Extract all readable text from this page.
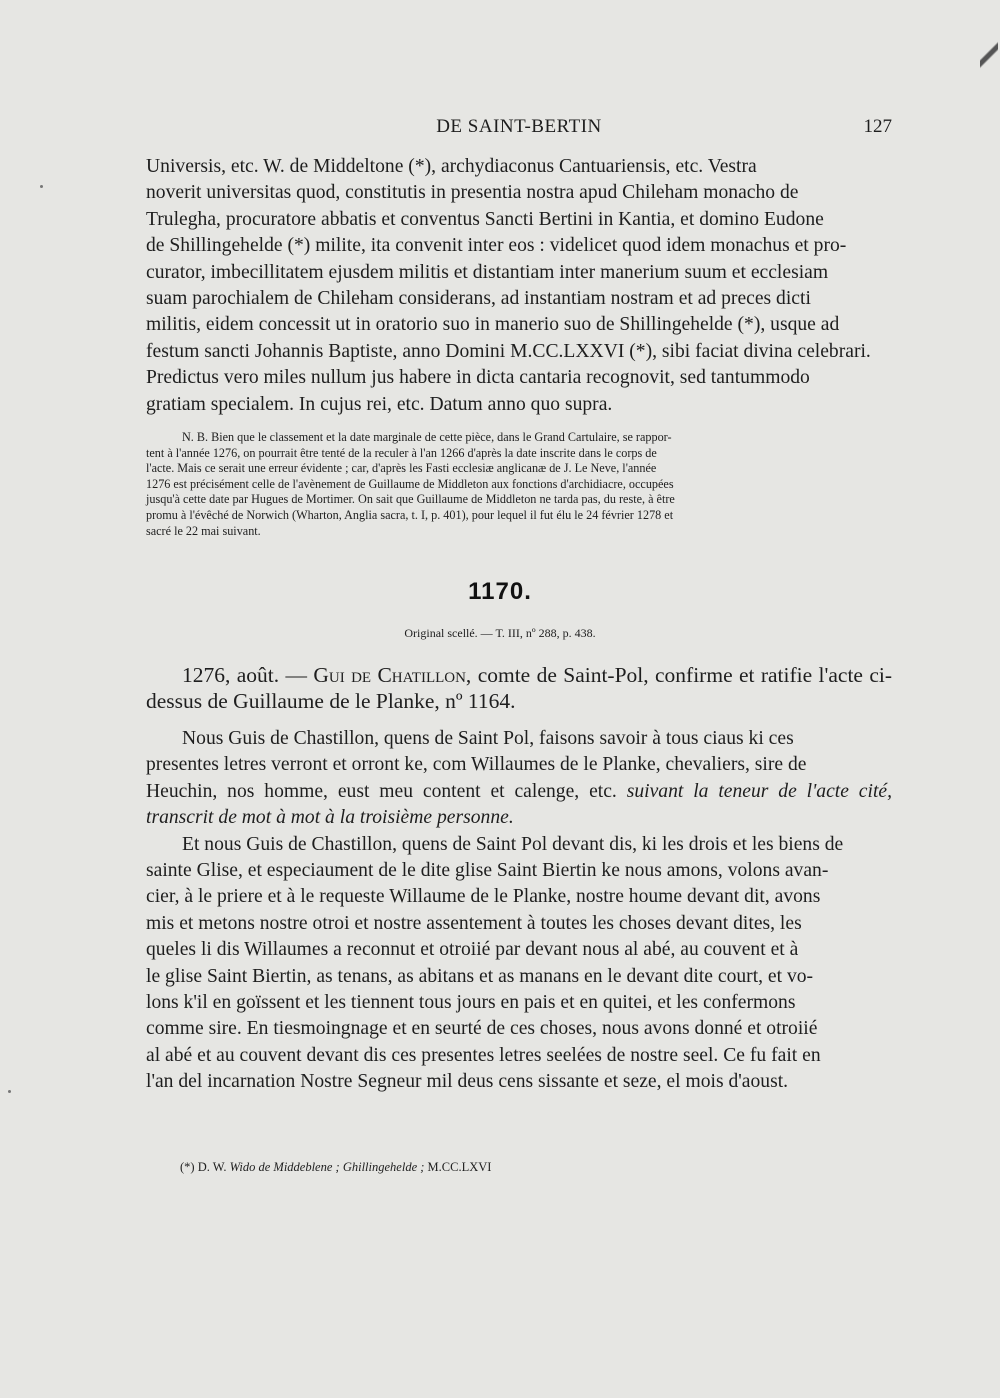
DE SAINT-BERTIN	127

Universis, etc. W. de Middeltone (*), archydiaconus Cantuariensis, etc. Vestra

noverit universitas quod, constitutis in presentia nostra apud Chileham monacho de

Trulegha, procuratore abbatis et conventus Sancti Bertini in Kantia, et domino Eudone

de Shillingehelde (*) milite, ita convenit inter eos : videlicet quod idem monachus et pro-

curator, imbecillitatem ejusdem militis et distantiam inter manerium suum et ecclesiam

suam parochialem de Chileham considerans, ad instantiam nostram et ad preces dicti

militis, eidem concessit ut in oratorio suo in manerio suo de Shillingehelde (*), usque ad

festum sancti Johannis Baptiste, anno Domini M.CC.LXXVI (*), sibi faciat divina celebrari.

Predictus vero miles nullum jus habere in dicta cantaria recognovit, sed tantummodo

gratiam specialem. In cujus rei, etc. Datum anno quo supra.

N. B. Bien que le classement et la date marginale de cette pièce, dans le Grand Cartulaire, se rappor-
tent à l'année 1276, on pourrait être tenté de la reculer à l'an 1266 d'après la date inscrite dans le corps de
l'acte. Mais ce serait une erreur évidente ; car, d'après les Fasti ecclesiæ anglicanæ de J. Le Neve, l'année
1276 est précisément celle de l'avènement de Guillaume de Middleton aux fonctions d'archidiacre, occupées
jusqu'à cette date par Hugues de Mortimer. On sait que Guillaume de Middleton ne tarda pas, du reste, à être
promu à l'évêché de Norwich (Wharton, Anglia sacra, t. I, p. 401), pour lequel il fut élu le 24 février 1278 et
sacré le 22 mai suivant.
1170.
Original scellé. — T. III, nº 288, p. 438.
1276, août. — Gui de Chatillon, comte de Saint-Pol, confirme et ratifie l'acte ci-dessus de Guillaume de le Planke, nº 1164.

Nous Guis de Chastillon, quens de Saint Pol, faisons savoir à tous ciaus ki ces

presentes letres verront et orront ke, com Willaumes de le Planke, chevaliers, sire de

Heuchin, nos homme, eust meu content et calenge, etc. suivant la teneur de l'acte cité, transcrit de mot à mot à la troisième personne.

Et nous Guis de Chastillon, quens de Saint Pol devant dis, ki les drois et les biens de

sainte Glise, et especiaument de le dite glise Saint Biertin ke nous amons, volons avan-

cier, à le priere et à le requeste Willaume de le Planke, nostre houme devant dit, avons

mis et metons nostre otroi et nostre assentement à toutes les choses devant dites, les

queles li dis Willaumes a reconnut et otroiié par devant nous al abé, au couvent et à

le glise Saint Biertin, as tenans, as abitans et as manans en le devant dite court, et vo-

lons k'il en goïssent et les tiennent tous jours en pais et en quitei, et les confermons

comme sire. En tiesmoingnage et en seurté de ces choses, nous avons donné et otroiié

al abé et au couvent devant dis ces presentes letres seelées de nostre seel. Ce fu fait en

l'an del incarnation Nostre Segneur mil deus cens sissante et seze, el mois d'aoust.

(*) D. W. Wido de Middeblene ; Ghillingehelde ; M.CC.LXVI
